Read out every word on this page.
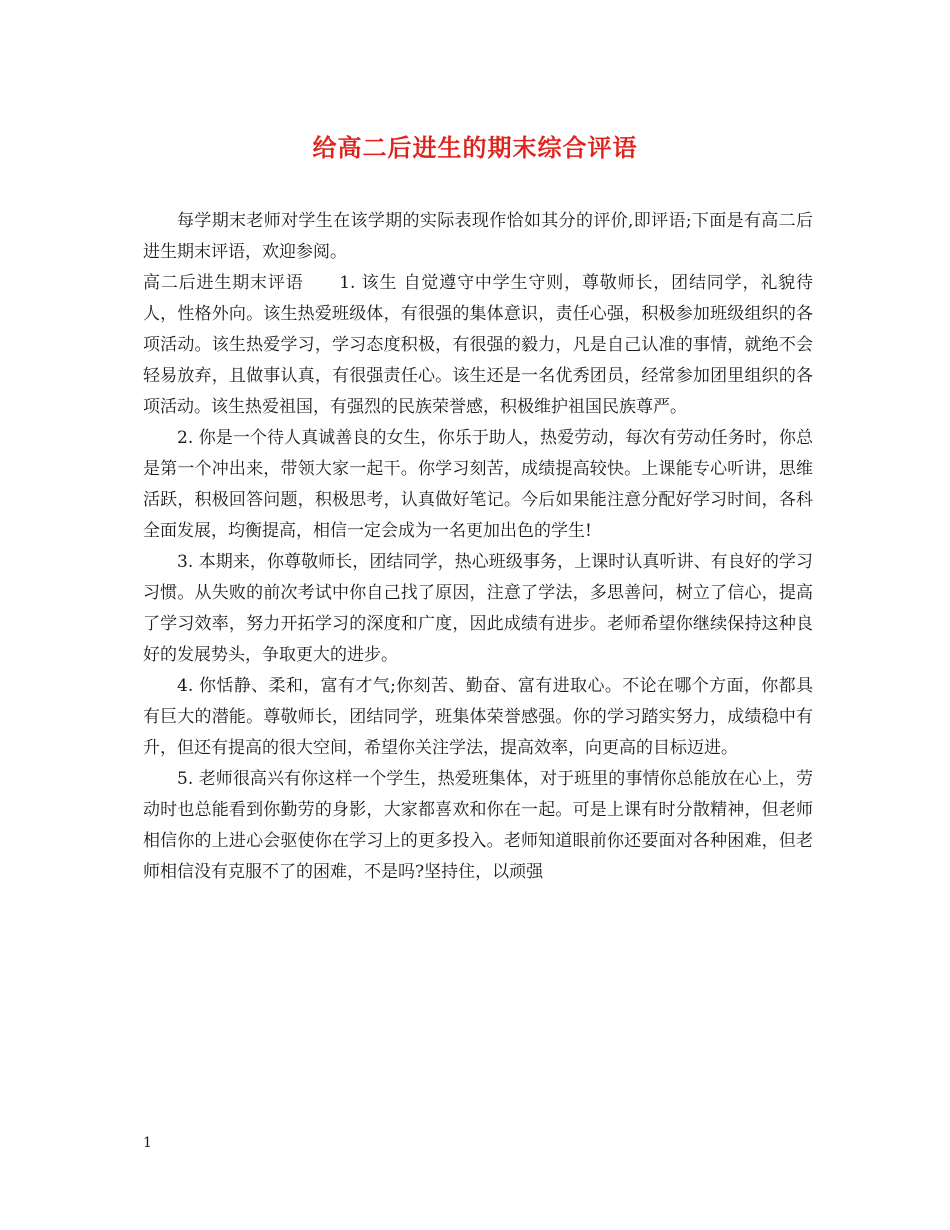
给高二后进生的期末综合评语

每学期末老师对学生在该学期的实际表现作恰如其分的评价,即评语;下面是有高二后进生期末评语，欢迎参阅。

高二后进生期末评语　　1. 该生 自觉遵守中学生守则，尊敬师长，团结同学，礼貌待人，性格外向。该生热爱班级体，有很强的集体意识，责任心强，积极参加班级组织的各项活动。该生热爱学习，学习态度积极，有很强的毅力，凡是自己认准的事情，就绝不会轻易放弃，且做事认真，有很强责任心。该生还是一名优秀团员，经常参加团里组织的各项活动。该生热爱祖国，有强烈的民族荣誉感，积极维护祖国民族尊严。

2. 你是一个待人真诚善良的女生，你乐于助人，热爱劳动，每次有劳动任务时，你总是第一个冲出来，带领大家一起干。你学习刻苦，成绩提高较快。上课能专心听讲，思维活跃，积极回答问题，积极思考，认真做好笔记。今后如果能注意分配好学习时间，各科全面发展，均衡提高，相信一定会成为一名更加出色的学生!

3. 本期来，你尊敬师长，团结同学，热心班级事务，上课时认真听讲、有良好的学习习惯。从失败的前次考试中你自己找了原因，注意了学法，多思善问，树立了信心，提高了学习效率，努力开拓学习的深度和广度，因此成绩有进步。老师希望你继续保持这种良好的发展势头，争取更大的进步。

4. 你恬静、柔和，富有才气;你刻苦、勤奋、富有进取心。不论在哪个方面，你都具有巨大的潜能。尊敬师长，团结同学，班集体荣誉感强。你的学习踏实努力，成绩稳中有升，但还有提高的很大空间，希望你关注学法，提高效率，向更高的目标迈进。

5. 老师很高兴有你这样一个学生，热爱班集体，对于班里的事情你总能放在心上，劳动时也总能看到你勤劳的身影，大家都喜欢和你在一起。可是上课有时分散精神，但老师相信你的上进心会驱使你在学习上的更多投入。老师知道眼前你还要面对各种困难，但老师相信没有克服不了的困难，不是吗?坚持住，以顽强

1
